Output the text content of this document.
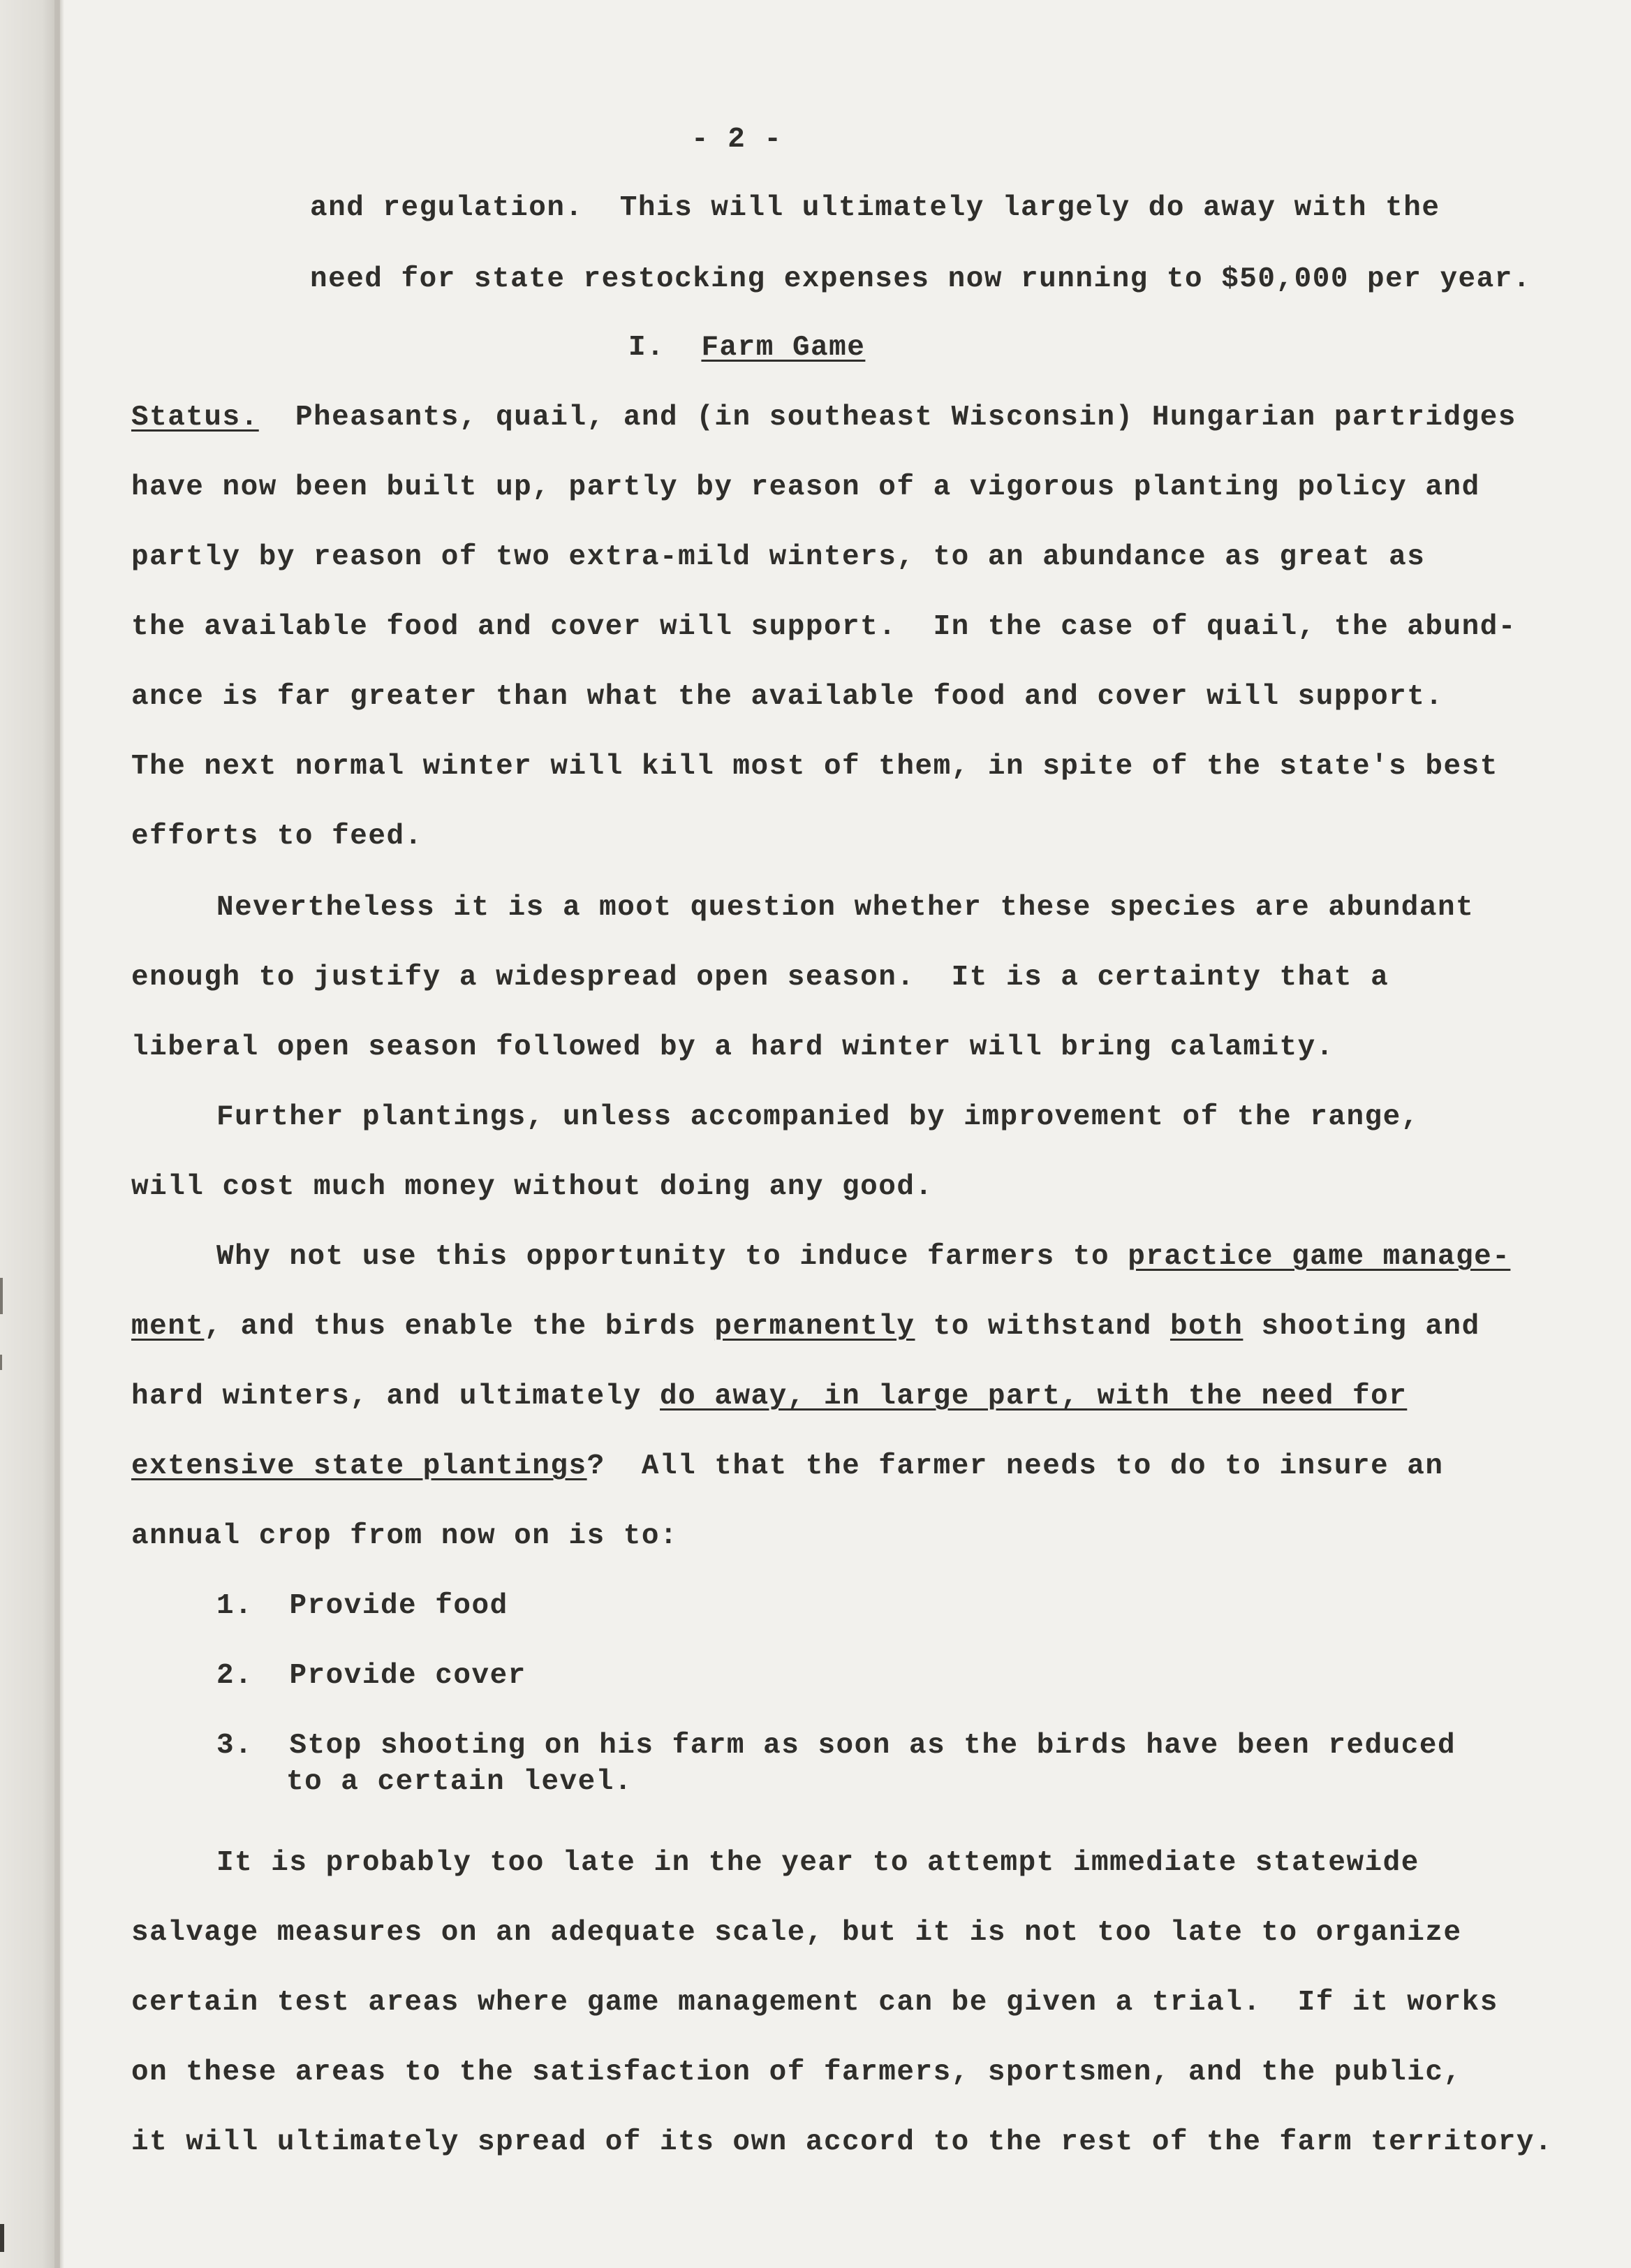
- 2 -
and regulation.  This will ultimately largely do away with the
need for state restocking expenses now running to $50,000 per year.
I. Farm Game
Status.  Pheasants, quail, and (in southeast Wisconsin) Hungarian partridges
have now been built up, partly by reason of a vigorous planting policy and
partly by reason of two extra-mild winters, to an abundance as great as
the available food and cover will support.  In the case of quail, the abund-
ance is far greater than what the available food and cover will support.
The next normal winter will kill most of them, in spite of the state's best
efforts to feed.
Nevertheless it is a moot question whether these species are abundant
enough to justify a widespread open season.  It is a certainty that a
liberal open season followed by a hard winter will bring calamity.
Further plantings, unless accompanied by improvement of the range,
will cost much money without doing any good.
Why not use this opportunity to induce farmers to practice game manage-
ment, and thus enable the birds permanently to withstand both shooting and
hard winters, and ultimately do away, in large part, with the need for
extensive state plantings?  All that the farmer needs to do to insure an
annual crop from now on is to:
1. Provide food
2. Provide cover
3. Stop shooting on his farm as soon as the birds have been reduced
to a certain level.
It is probably too late in the year to attempt immediate statewide
salvage measures on an adequate scale, but it is not too late to organize
certain test areas where game management can be given a trial.  If it works
on these areas to the satisfaction of farmers, sportsmen, and the public,
it will ultimately spread of its own accord to the rest of the farm territory.
